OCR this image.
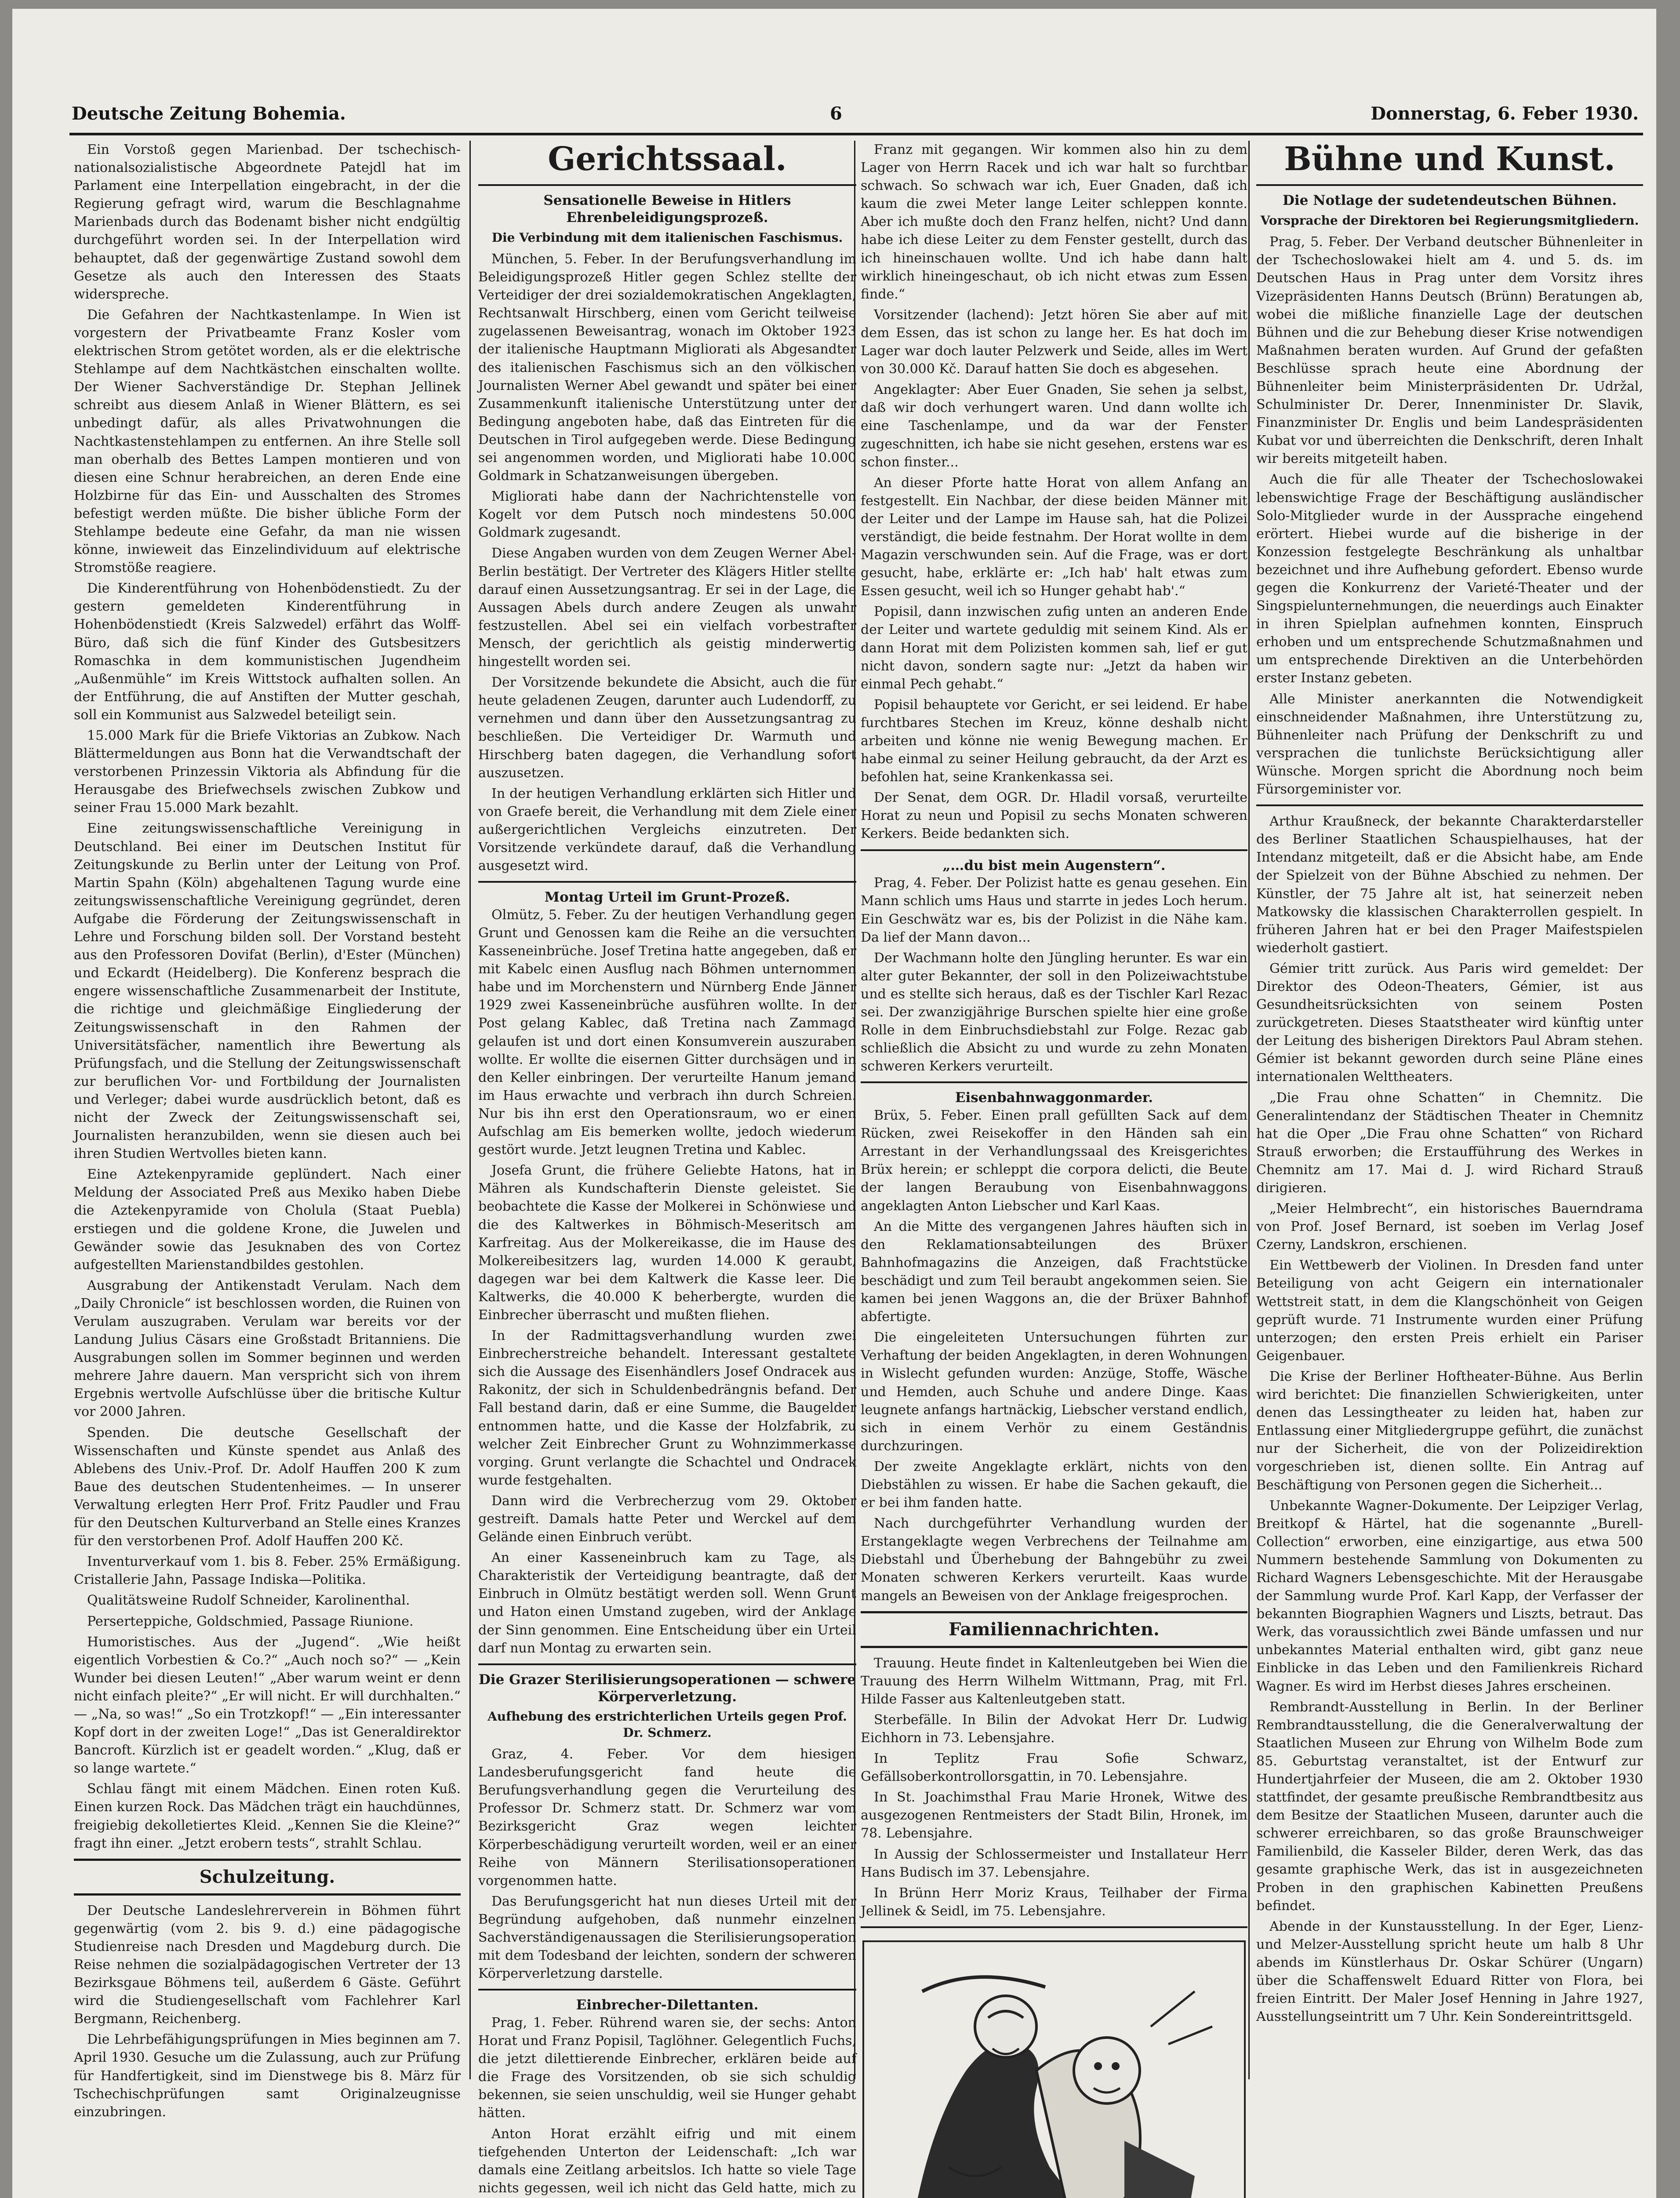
Deutsche Zeitung Bohemia.	6	Donnerstag, 6. Feber 1930.

Ein Vorstoß gegen Marienbad. Der tschechisch-nationalsozialistische Abgeordnete Patejdl hat im Parlament eine Interpellation eingebracht, in der die Regierung gefragt wird, warum die Beschlagnahme Marienbads durch das Bodenamt bisher nicht endgültig durchgeführt worden sei. In der Interpellation wird behauptet, daß der gegenwärtige Zustand sowohl dem Gesetze als auch den Interessen des Staats widerspreche.

Die Gefahren der Nachtkastenlampe. In Wien ist vorgestern der Privatbeamte Franz Kosler vom elektrischen Strom getötet worden, als er die elektrische Stehlampe auf dem Nachtkästchen einschalten wollte. Der Wiener Sachverständige Dr. Stephan Jellinek schreibt aus diesem Anlaß in Wiener Blättern, es sei unbedingt dafür, als alles Privatwohnungen die Nachtkastenstehlampen zu entfernen. An ihre Stelle soll man oberhalb des Bettes Lampen montieren und von diesen eine Schnur herabreichen, an deren Ende eine Holzbirne für das Ein- und Ausschalten des Stromes befestigt werden müßte. Die bisher übliche Form der Stehlampe bedeute eine Gefahr, da man nie wissen könne, inwieweit das Einzelindividuum auf elektrische Stromstöße reagiere.

Die Kinderentführung von Hohenbödenstiedt. Zu der gestern gemeldeten Kinderentführung in Hohenbödenstiedt (Kreis Salzwedel) erfährt das Wolff-Büro, daß sich die fünf Kinder des Gutsbesitzers Romaschka in dem kommunistischen Jugendheim „Außenmühle“ im Kreis Wittstock aufhalten sollen. An der Entführung, die auf Anstiften der Mutter geschah, soll ein Kommunist aus Salzwedel beteiligt sein.

15.000 Mark für die Briefe Viktorias an Zubkow. Nach Blättermeldungen aus Bonn hat die Verwandtschaft der verstorbenen Prinzessin Viktoria als Abfindung für die Herausgabe des Briefwechsels zwischen Zubkow und seiner Frau 15.000 Mark bezahlt.

Eine zeitungswissenschaftliche Vereinigung in Deutschland. Bei einer im Deutschen Institut für Zeitungskunde zu Berlin unter der Leitung von Prof. Martin Spahn (Köln) abgehaltenen Tagung wurde eine zeitungswissenschaftliche Vereinigung gegründet, deren Aufgabe die Förderung der Zeitungswissenschaft in Lehre und Forschung bilden soll. Der Vorstand besteht aus den Professoren Dovifat (Berlin), d'Ester (München) und Eckardt (Heidelberg). Die Konferenz besprach die engere wissenschaftliche Zusammenarbeit der Institute, die richtige und gleichmäßige Eingliederung der Zeitungswissenschaft in den Rahmen der Universitätsfächer, namentlich ihre Bewertung als Prüfungsfach, und die Stellung der Zeitungswissenschaft zur beruflichen Vor- und Fortbildung der Journalisten und Verleger; dabei wurde ausdrücklich betont, daß es nicht der Zweck der Zeitungswissenschaft sei, Journalisten heranzubilden, wenn sie diesen auch bei ihren Studien Wertvolles bieten kann.

Eine Aztekenpyramide geplündert. Nach einer Meldung der Associated Preß aus Mexiko haben Diebe die Aztekenpyramide von Cholula (Staat Puebla) erstiegen und die goldene Krone, die Juwelen und Gewänder sowie das Jesuknaben des von Cortez aufgestellten Marienstandbildes gestohlen.

Ausgrabung der Antikenstadt Verulam. Nach dem „Daily Chronicle“ ist beschlossen worden, die Ruinen von Verulam auszugraben. Verulam war bereits vor der Landung Julius Cäsars eine Großstadt Britanniens. Die Ausgrabungen sollen im Sommer beginnen und werden mehrere Jahre dauern. Man verspricht sich von ihrem Ergebnis wertvolle Aufschlüsse über die britische Kultur vor 2000 Jahren.

Spenden. Die deutsche Gesellschaft der Wissenschaften und Künste spendet aus Anlaß des Ablebens des Univ.-Prof. Dr. Adolf Hauffen 200 K zum Baue des deutschen Studentenheimes. — In unserer Verwaltung erlegten Herr Prof. Fritz Paudler und Frau für den Deutschen Kulturverband an Stelle eines Kranzes für den verstorbenen Prof. Adolf Hauffen 200 Kč.

Inventurverkauf vom 1. bis 8. Feber. 25% Ermäßigung. Cristallerie Jahn, Passage Indiska—Politika.

Qualitätsweine Rudolf Schneider, Karolinenthal.

Perserteppiche, Goldschmied, Passage Riunione.

Humoristisches. Aus der „Jugend“. „Wie heißt eigentlich Vorbestien & Co.?“ „Auch noch so?“ — „Kein Wunder bei diesen Leuten!“ „Aber warum weint er denn nicht einfach pleite?“ „Er will nicht. Er will durchhalten.“ — „Na, so was!“ „So ein Trotzkopf!“ — „Ein interessanter Kopf dort in der zweiten Loge!“ „Das ist Generaldirektor Bancroft. Kürzlich ist er geadelt worden.“ „Klug, daß er so lange wartete.“

Schlau fängt mit einem Mädchen. Einen roten Kuß. Einen kurzen Rock. Das Mädchen trägt ein hauchdünnes, freigiebig dekolletiertes Kleid. „Kennen Sie die Kleine?“ fragt ihn einer. „Jetzt erobern tests“, strahlt Schlau.

Schulzeitung.

Der Deutsche Landeslehrerverein in Böhmen führt gegenwärtig (vom 2. bis 9. d.) eine pädagogische Studienreise nach Dresden und Magdeburg durch. Die Reise nehmen die sozialpädagogischen Vertreter der 13 Bezirksgaue Böhmens teil, außerdem 6 Gäste. Geführt wird die Studiengesellschaft vom Fachlehrer Karl Bergmann, Reichenberg.

Die Lehrbefähigungsprüfungen in Mies beginnen am 7. April 1930. Gesuche um die Zulassung, auch zur Prüfung für Handfertigkeit, sind im Dienstwege bis 8. März für Tschechischprüfungen samt Originalzeugnisse einzubringen.

Gerichtssaal.
Sensationelle Beweise in Hitlers Ehrenbeleidigungsprozeß.
Die Verbindung mit dem italienischen Faschismus.

München, 5. Feber. In der Berufungsverhandlung im Beleidigungsprozeß Hitler gegen Schlez stellte der Verteidiger der drei sozialdemokratischen Angeklagten, Rechtsanwalt Hirschberg, einen vom Gericht teilweise zugelassenen Beweisantrag, wonach im Oktober 1923 der italienische Hauptmann Migliorati als Abgesandter des italienischen Faschismus sich an den völkischen Journalisten Werner Abel gewandt und später bei einer Zusammenkunft italienische Unterstützung unter der Bedingung angeboten habe, daß das Eintreten für die Deutschen in Tirol aufgegeben werde. Diese Bedingung sei angenommen worden, und Migliorati habe 10.000 Goldmark in Schatzanweisungen übergeben.

Migliorati habe dann der Nachrichtenstelle von Kogelt vor dem Putsch noch mindestens 50.000 Goldmark zugesandt.

Diese Angaben wurden von dem Zeugen Werner Abel-Berlin bestätigt. Der Vertreter des Klägers Hitler stellte darauf einen Aussetzungsantrag. Er sei in der Lage, die Aussagen Abels durch andere Zeugen als unwahr festzustellen. Abel sei ein vielfach vorbestrafter Mensch, der gerichtlich als geistig minderwertig hingestellt worden sei.

Der Vorsitzende bekundete die Absicht, auch die für heute geladenen Zeugen, darunter auch Ludendorff, zu vernehmen und dann über den Aussetzungsantrag zu beschließen. Die Verteidiger Dr. Warmuth und Hirschberg baten dagegen, die Verhandlung sofort auszusetzen.

In der heutigen Verhandlung erklärten sich Hitler und von Graefe bereit, die Verhandlung mit dem Ziele einer außergerichtlichen Vergleichs einzutreten. Der Vorsitzende verkündete darauf, daß die Verhandlung ausgesetzt wird.

Montag Urteil im Grunt-Prozeß.

Olmütz, 5. Feber. Zu der heutigen Verhandlung gegen Grunt und Genossen kam die Reihe an die versuchten Kasseneinbrüche. Josef Tretina hatte angegeben, daß er mit Kabelc einen Ausflug nach Böhmen unternommen habe und im Morchenstern und Nürnberg Ende Jänner 1929 zwei Kasseneinbrüche ausführen wollte. In der Post gelang Kablec, daß Tretina nach Zammagd gelaufen ist und dort einen Konsumverein auszuraben wollte. Er wollte die eisernen Gitter durchsägen und in den Keller einbringen. Der verurteilte Hanum jemand im Haus erwachte und verbrach ihn durch Schreien. Nur bis ihn erst den Operationsraum, wo er einen Aufschlag am Eis bemerken wollte, jedoch wiederum gestört wurde. Jetzt leugnen Tretina und Kablec.

Josefa Grunt, die frühere Geliebte Hatons, hat in Mähren als Kundschafterin Dienste geleistet. Sie beobachtete die Kasse der Molkerei in Schönwiese und die des Kaltwerkes in Böhmisch-Meseritsch am Karfreitag. Aus der Molkereikasse, die im Hause des Molkereibesitzers lag, wurden 14.000 K geraubt, dagegen war bei dem Kaltwerk die Kasse leer. Die Kaltwerks, die 40.000 K beherbergte, wurden die Einbrecher überrascht und mußten fliehen.

In der Radmittagsverhandlung wurden zwei Einbrecherstreiche behandelt. Interessant gestaltete sich die Aussage des Eisenhändlers Josef Ondracek aus Rakonitz, der sich in Schuldenbedrängnis befand. Der Fall bestand darin, daß er eine Summe, die Baugelder entnommen hatte, und die Kasse der Holzfabrik, zu welcher Zeit Einbrecher Grunt zu Wohnzimmerkasse vorging. Grunt verlangte die Schachtel und Ondracek wurde festgehalten.

Dann wird die Verbrecherzug vom 29. Oktober gestreift. Damals hatte Peter und Werckel auf dem Gelände einen Einbruch verübt.

An einer Kasseneinbruch kam zu Tage, als Charakteristik der Verteidigung beantragte, daß der Einbruch in Olmütz bestätigt werden soll. Wenn Grunt und Haton einen Umstand zugeben, wird der Anklage der Sinn genommen. Eine Entscheidung über ein Urteil darf nun Montag zu erwarten sein.

Die Grazer Sterilisierungsoperationen — schwere Körperverletzung.
Aufhebung des erstrichterlichen Urteils gegen Prof. Dr. Schmerz.

Graz, 4. Feber. Vor dem hiesigen Landesberufungsgericht fand heute die Berufungsverhandlung gegen die Verurteilung des Professor Dr. Schmerz statt. Dr. Schmerz war vom Bezirksgericht Graz wegen leichter Körperbeschädigung verurteilt worden, weil er an einer Reihe von Männern Sterilisationsoperationen vorgenommen hatte.

Das Berufungsgericht hat nun dieses Urteil mit der Begründung aufgehoben, daß nunmehr einzelnen Sachverständigenaussagen die Sterilisierungsoperation mit dem Todesband der leichten, sondern der schweren Körperverletzung darstelle.

Einbrecher-Dilettanten.

Prag, 1. Feber. Rührend waren sie, der sechs: Anton Horat und Franz Popisil, Taglöhner. Gelegentlich Fuchs, die jetzt dilettierende Einbrecher, erklären beide auf die Frage des Vorsitzenden, ob sie sich schuldig bekennen, sie seien unschuldig, weil sie Hunger gehabt hätten.

Anton Horat erzählt eifrig und mit einem tiefgehenden Unterton der Leidenschaft: „Ich war damals eine Zeitlang arbeitslos. Ich hatte so viele Tage nichts gegessen, weil ich nicht das Geld hatte, mich zu

Franz mit gegangen. Wir kommen also hin zu dem Lager von Herrn Racek und ich war halt so furchtbar schwach. So schwach war ich, Euer Gnaden, daß ich kaum die zwei Meter lange Leiter schleppen konnte. Aber ich mußte doch den Franz helfen, nicht? Und dann habe ich diese Leiter zu dem Fenster gestellt, durch das ich hineinschauen wollte. Und ich habe dann halt wirklich hineingeschaut, ob ich nicht etwas zum Essen finde.“

Vorsitzender (lachend): Jetzt hören Sie aber auf mit dem Essen, das ist schon zu lange her. Es hat doch im Lager war doch lauter Pelzwerk und Seide, alles im Wert von 30.000 Kč. Darauf hatten Sie doch es abgesehen.

Angeklagter: Aber Euer Gnaden, Sie sehen ja selbst, daß wir doch verhungert waren. Und dann wollte ich eine Taschenlampe, und da war der Fenster zugeschnitten, ich habe sie nicht gesehen, erstens war es schon finster...

An dieser Pforte hatte Horat von allem Anfang an festgestellt. Ein Nachbar, der diese beiden Männer mit der Leiter und der Lampe im Hause sah, hat die Polizei verständigt, die beide festnahm. Der Horat wollte in dem Magazin verschwunden sein. Auf die Frage, was er dort gesucht, habe, erklärte er: „Ich hab' halt etwas zum Essen gesucht, weil ich so Hunger gehabt hab'.“

Popisil, dann inzwischen zufig unten an anderen Ende der Leiter und wartete geduldig mit seinem Kind. Als er dann Horat mit dem Polizisten kommen sah, lief er gut nicht davon, sondern sagte nur: „Jetzt da haben wir einmal Pech gehabt.“

Popisil behauptete vor Gericht, er sei leidend. Er habe furchtbares Stechen im Kreuz, könne deshalb nicht arbeiten und könne nie wenig Bewegung machen. Er habe einmal zu seiner Heilung gebraucht, da der Arzt es befohlen hat, seine Krankenkassa sei.

Der Senat, dem OGR. Dr. Hladil vorsaß, verurteilte Horat zu neun und Popisil zu sechs Monaten schweren Kerkers. Beide bedankten sich.

„…du bist mein Augenstern“.

Prag, 4. Feber. Der Polizist hatte es genau gesehen. Ein Mann schlich ums Haus und starrte in jedes Loch herum. Ein Geschwätz war es, bis der Polizist in die Nähe kam. Da lief der Mann davon...

Der Wachmann holte den Jüngling herunter. Es war ein alter guter Bekannter, der soll in den Polizeiwachtstube und es stellte sich heraus, daß es der Tischler Karl Rezac sei. Der zwanzigjährige Burschen spielte hier eine große Rolle in dem Einbruchsdiebstahl zur Folge. Rezac gab schließlich die Absicht zu und wurde zu zehn Monaten schweren Kerkers verurteilt.

Eisenbahnwaggonmarder.

Brüx, 5. Feber. Einen prall gefüllten Sack auf dem Rücken, zwei Reisekoffer in den Händen sah ein Arrestant in der Verhandlungssaal des Kreisgerichtes Brüx herein; er schleppt die corpora delicti, die Beute der langen Beraubung von Eisenbahnwaggons angeklagten Anton Liebscher und Karl Kaas.

An die Mitte des vergangenen Jahres häuften sich in den Reklamationsabteilungen des Brüxer Bahnhofmagazins die Anzeigen, daß Frachtstücke beschädigt und zum Teil beraubt angekommen seien. Sie kamen bei jenen Waggons an, die der Brüxer Bahnhof abfertigte.

Die eingeleiteten Untersuchungen führten zur Verhaftung der beiden Angeklagten, in deren Wohnungen in Wislecht gefunden wurden: Anzüge, Stoffe, Wäsche und Hemden, auch Schuhe und andere Dinge. Kaas leugnete anfangs hartnäckig, Liebscher verstand endlich, sich in einem Verhör zu einem Geständnis durchzuringen.

Der zweite Angeklagte erklärt, nichts von den Diebstählen zu wissen. Er habe die Sachen gekauft, die er bei ihm fanden hatte.

Nach durchgeführter Verhandlung wurden der Erstangeklagte wegen Verbrechens der Teilnahme am Diebstahl und Überhebung der Bahngebühr zu zwei Monaten schweren Kerkers verurteilt. Kaas wurde mangels an Beweisen von der Anklage freigesprochen.

Familiennachrichten.

Trauung. Heute findet in Kaltenleutgeben bei Wien die Trauung des Herrn Wilhelm Wittmann, Prag, mit Frl. Hilde Fasser aus Kaltenleutgeben statt.

Sterbefälle. In Bilin der Advokat Herr Dr. Ludwig Eichhorn in 73. Lebensjahre.

In Teplitz Frau Sofie Schwarz, Gefällsoberkontrollorsgattin, in 70. Lebensjahre.

In St. Joachimsthal Frau Marie Hronek, Witwe des ausgezogenen Rentmeisters der Stadt Bilin, Hronek, im 78. Lebensjahre.

In Aussig der Schlossermeister und Installateur Herr Hans Budisch im 37. Lebensjahre.

In Brünn Herr Moriz Kraus, Teilhaber der Firma Jellinek & Seidl, im 75. Lebensjahre.

Bühne und Kunst.
Die Notlage der sudetendeutschen Bühnen.
Vorsprache der Direktoren bei Regierungsmitgliedern.

Prag, 5. Feber. Der Verband deutscher Bühnenleiter in der Tschechoslowakei hielt am 4. und 5. ds. im Deutschen Haus in Prag unter dem Vorsitz ihres Vizepräsidenten Hanns Deutsch (Brünn) Beratungen ab, wobei die mißliche finanzielle Lage der deutschen Bühnen und die zur Behebung dieser Krise notwendigen Maßnahmen beraten wurden. Auf Grund der gefaßten Beschlüsse sprach heute eine Abordnung der Bühnenleiter beim Ministerpräsidenten Dr. Udržal, Schulminister Dr. Derer, Innenminister Dr. Slavik, Finanzminister Dr. Englis und beim Landespräsidenten Kubat vor und überreichten die Denkschrift, deren Inhalt wir bereits mitgeteilt haben.

Auch die für alle Theater der Tschechoslowakei lebenswichtige Frage der Beschäftigung ausländischer Solo-Mitglieder wurde in der Aussprache eingehend erörtert. Hiebei wurde auf die bisherige in der Konzession festgelegte Beschränkung als unhaltbar bezeichnet und ihre Aufhebung gefordert. Ebenso wurde gegen die Konkurrenz der Varieté-Theater und der Singspielunternehmungen, die neuerdings auch Einakter in ihren Spielplan aufnehmen konnten, Einspruch erhoben und um entsprechende Schutzmaßnahmen und um entsprechende Direktiven an die Unterbehörden erster Instanz gebeten.

Alle Minister anerkannten die Notwendigkeit einschneidender Maßnahmen, ihre Unterstützung zu, Bühnenleiter nach Prüfung der Denkschrift zu und versprachen die tunlichste Berücksichtigung aller Wünsche. Morgen spricht die Abordnung noch beim Fürsorgeminister vor.

Arthur Kraußneck, der bekannte Charakterdarsteller des Berliner Staatlichen Schauspielhauses, hat der Intendanz mitgeteilt, daß er die Absicht habe, am Ende der Spielzeit von der Bühne Abschied zu nehmen. Der Künstler, der 75 Jahre alt ist, hat seinerzeit neben Matkowsky die klassischen Charakterrollen gespielt. In früheren Jahren hat er bei den Prager Maifestspielen wiederholt gastiert.

Gémier tritt zurück. Aus Paris wird gemeldet: Der Direktor des Odeon-Theaters, Gémier, ist aus Gesundheitsrücksichten von seinem Posten zurückgetreten. Dieses Staatstheater wird künftig unter der Leitung des bisherigen Direktors Paul Abram stehen. Gémier ist bekannt geworden durch seine Pläne eines internationalen Welttheaters.

„Die Frau ohne Schatten“ in Chemnitz. Die Generalintendanz der Städtischen Theater in Chemnitz hat die Oper „Die Frau ohne Schatten“ von Richard Strauß erworben; die Erstaufführung des Werkes in Chemnitz am 17. Mai d. J. wird Richard Strauß dirigieren.

„Meier Helmbrecht“, ein historisches Bauerndrama von Prof. Josef Bernard, ist soeben im Verlag Josef Czerny, Landskron, erschienen.

Ein Wettbewerb der Violinen. In Dresden fand unter Beteiligung von acht Geigern ein internationaler Wettstreit statt, in dem die Klangschönheit von Geigen geprüft wurde. 71 Instrumente wurden einer Prüfung unterzogen; den ersten Preis erhielt ein Pariser Geigenbauer.

Die Krise der Berliner Hoftheater-Bühne. Aus Berlin wird berichtet: Die finanziellen Schwierigkeiten, unter denen das Lessingtheater zu leiden hat, haben zur Entlassung einer Mitgliedergruppe geführt, die zunächst nur der Sicherheit, die von der Polizeidirektion vorgeschrieben ist, dienen sollte. Ein Antrag auf Beschäftigung von Personen gegen die Sicherheit...

Unbekannte Wagner-Dokumente. Der Leipziger Verlag, Breitkopf & Härtel, hat die sogenannte „Burell-Collection“ erworben, eine einzigartige, aus etwa 500 Nummern bestehende Sammlung von Dokumenten zu Richard Wagners Lebensgeschichte. Mit der Herausgabe der Sammlung wurde Prof. Karl Kapp, der Verfasser der bekannten Biographien Wagners und Liszts, betraut. Das Werk, das voraussichtlich zwei Bände umfassen und nur unbekanntes Material enthalten wird, gibt ganz neue Einblicke in das Leben und den Familienkreis Richard Wagner. Es wird im Herbst dieses Jahres erscheinen.

Rembrandt-Ausstellung in Berlin. In der Berliner Rembrandtausstellung, die die Generalverwaltung der Staatlichen Museen zur Ehrung von Wilhelm Bode zum 85. Geburtstag veranstaltet, ist der Entwurf zur Hundertjahrfeier der Museen, die am 2. Oktober 1930 stattfindet, der gesamte preußische Rembrandtbesitz aus dem Besitze der Staatlichen Museen, darunter auch die schwerer erreichbaren, so das große Braunschweiger Familienbild, die Kasseler Bilder, deren Werk, das das gesamte graphische Werk, das ist in ausgezeichneten Proben in den graphischen Kabinetten Preußens befindet.

Abende in der Kunstausstellung. In der Eger, Lienz- und Melzer-Ausstellung spricht heute um halb 8 Uhr abends im Künstlerhaus Dr. Oskar Schürer (Ungarn) über die Schaffenswelt Eduard Ritter von Flora, bei freien Eintritt. Der Maler Josef Henning in Jahre 1927, Ausstellungseintritt um 7 Uhr. Kein Sondereintrittsgeld.
